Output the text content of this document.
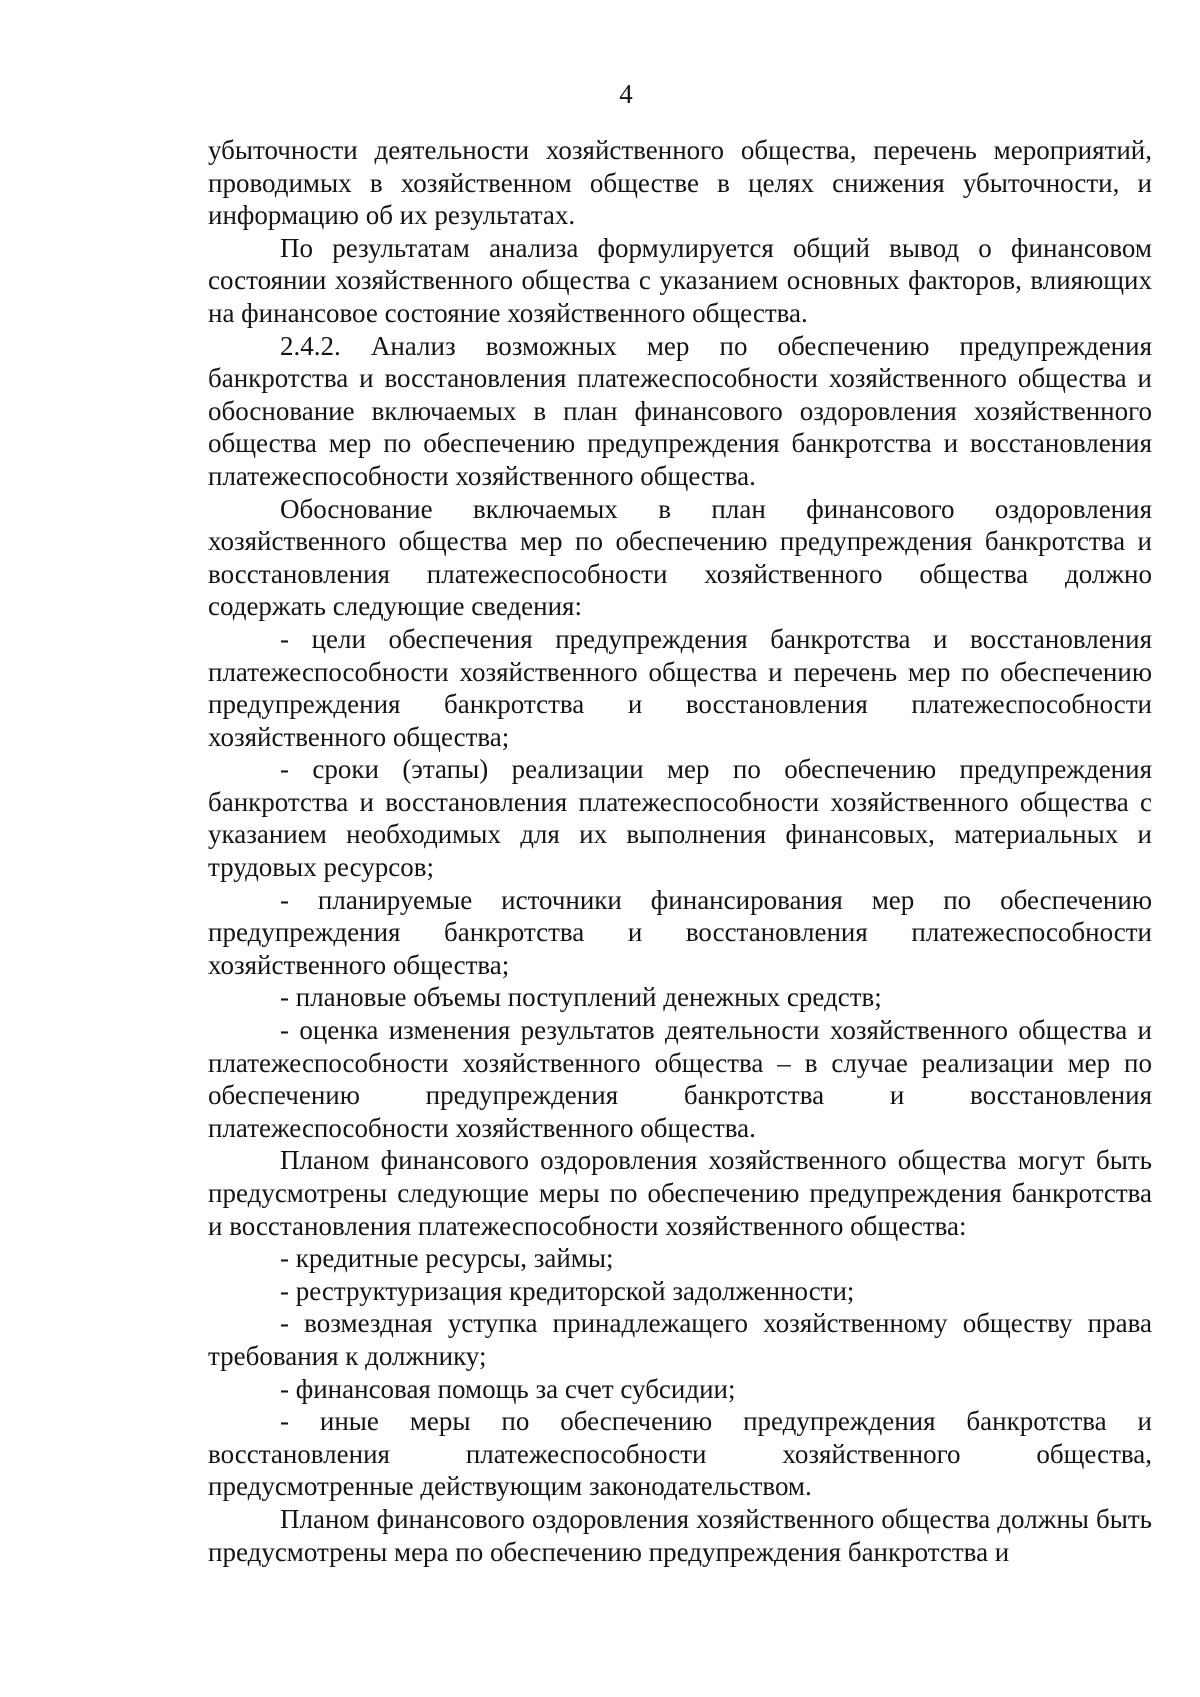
4

убыточности деятельности хозяйственного общества, перечень мероприятий, проводимых в хозяйственном обществе в целях снижения убыточности, и информацию об их результатах.

По результатам анализа формулируется общий вывод о финансовом состоянии хозяйственного общества с указанием основных факторов, влияющих на финансовое состояние хозяйственного общества.

2.4.2. Анализ возможных мер по обеспечению предупреждения банкротства и восстановления платежеспособности хозяйственного общества и обоснование включаемых в план финансового оздоровления хозяйственного общества мер по обеспечению предупреждения банкротства и восстановления платежеспособности хозяйственного общества.

Обоснование включаемых в план финансового оздоровления хозяйственного общества мер по обеспечению предупреждения банкротства и восстановления платежеспособности хозяйственного общества должно содержать следующие сведения:

- цели обеспечения предупреждения банкротства и восстановления платежеспособности хозяйственного общества и перечень мер по обеспечению предупреждения банкротства и восстановления платежеспособности хозяйственного общества;

- сроки (этапы) реализации мер по обеспечению предупреждения банкротства и восстановления платежеспособности хозяйственного общества с указанием необходимых для их выполнения финансовых, материальных и трудовых ресурсов;

- планируемые источники финансирования мер по обеспечению предупреждения банкротства и восстановления платежеспособности хозяйственного общества;

- плановые объемы поступлений денежных средств;

- оценка изменения результатов деятельности хозяйственного общества и платежеспособности хозяйственного общества – в случае реализации мер по обеспечению предупреждения банкротства и восстановления платежеспособности хозяйственного общества.

Планом финансового оздоровления хозяйственного общества могут быть предусмотрены следующие меры по обеспечению предупреждения банкротства и восстановления платежеспособности хозяйственного общества:

- кредитные ресурсы, займы;

- реструктуризация кредиторской задолженности;

- возмездная уступка принадлежащего хозяйственному обществу права требования к должнику;

- финансовая помощь за счет субсидии;

- иные меры по обеспечению предупреждения банкротства и восстановления платежеспособности хозяйственного общества, предусмотренные действующим законодательством.

Планом финансового оздоровления хозяйственного общества должны быть предусмотрены мера по обеспечению предупреждения банкротства и
